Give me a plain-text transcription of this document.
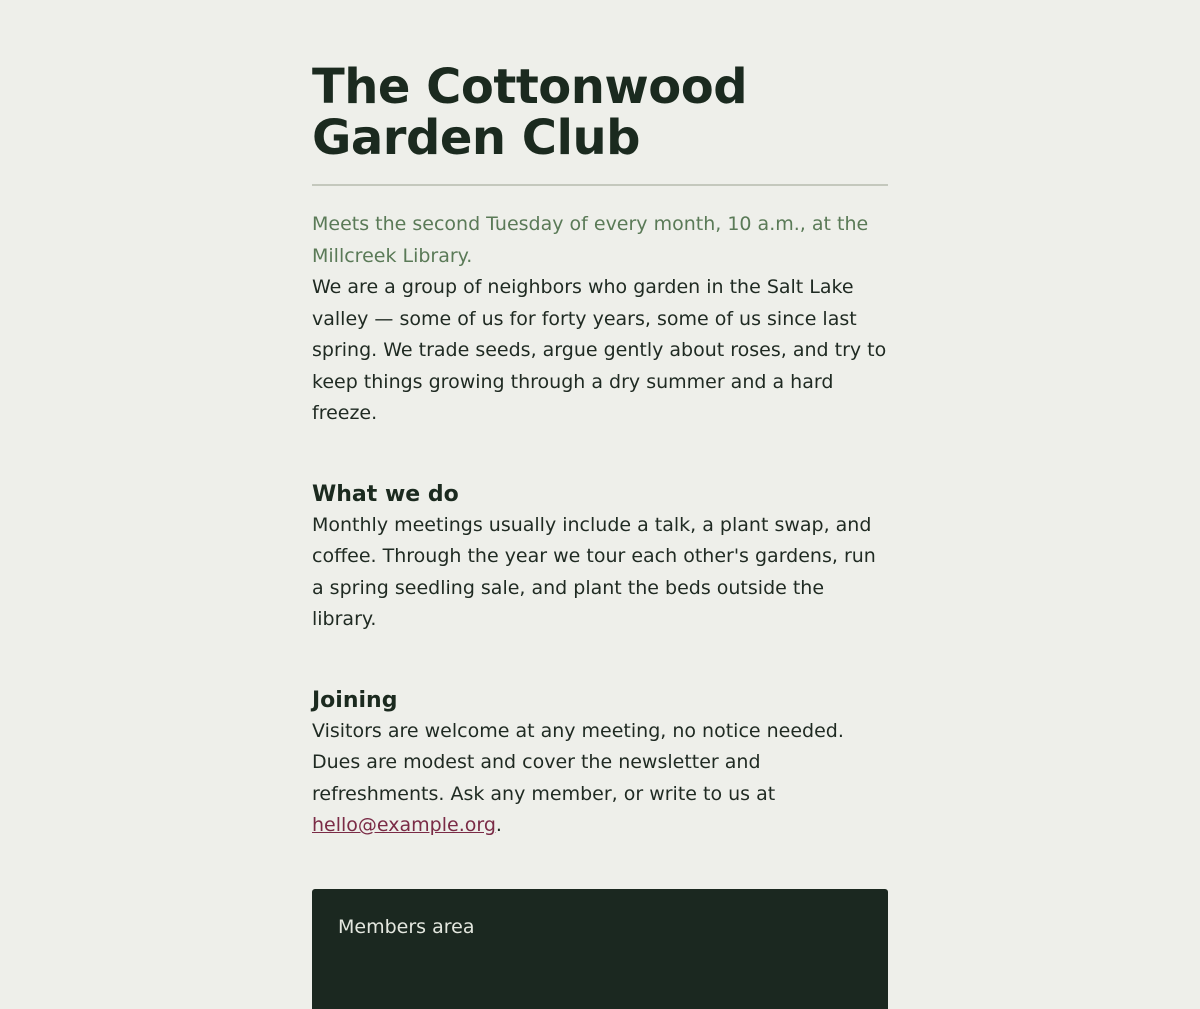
The Cottonwood Garden Club
Meets the second Tuesday of every month, 10 a.m., at the Millcreek Library.

We are a group of neighbors who garden in the Salt Lake valley — some of us for forty years, some of us since last spring. We trade seeds, argue gently about roses, and try to keep things growing through a dry summer and a hard freeze.

What we do

Monthly meetings usually include a talk, a plant swap, and coffee. Through the year we tour each other's gardens, run a spring seedling sale, and plant the beds outside the library.

Joining

Visitors are welcome at any meeting, no notice needed. Dues are modest and cover the newsletter and refreshments. Ask any member, or write to us at hello@example.org.

Members area
